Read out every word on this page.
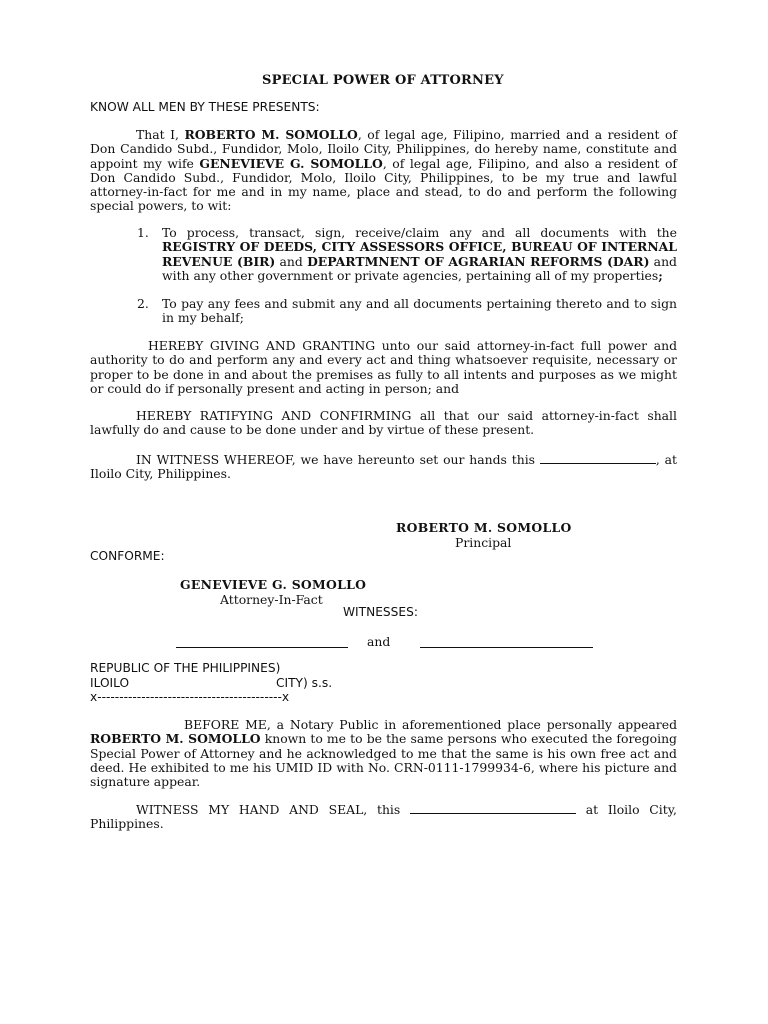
SPECIAL POWER OF ATTORNEY
KNOW ALL MEN BY THESE PRESENTS:
That I, ROBERTO M. SOMOLLO, of legal age, Filipino, married and a resident of Don Candido Subd., Fundidor, Molo, Iloilo City, Philippines, do hereby name, constitute and appoint my wife GENEVIEVE G. SOMOLLO, of legal age, Filipino, and also a resident of Don Candido Subd., Fundidor, Molo, Iloilo City, Philippines, to be my true and lawful attorney-in-fact for me and in my name, place and stead, to do and perform the following special powers, to wit:
1. To process, transact, sign, receive/claim any and all documents with the REGISTRY OF DEEDS, CITY ASSESSORS OFFICE, BUREAU OF INTERNAL REVENUE (BIR) and DEPARTMNENT OF AGRARIAN REFORMS (DAR) and with any other government or private agencies, pertaining all of my properties;
2. To pay any fees and submit any and all documents pertaining thereto and to sign in my behalf;
HEREBY GIVING AND GRANTING unto our said attorney-in-fact full power and authority to do and perform any and every act and thing whatsoever requisite, necessary or proper to be done in and about the premises as fully to all intents and purposes as we might or could do if personally present and acting in person; and
HEREBY RATIFYING AND CONFIRMING all that our said attorney-in-fact shall lawfully do and cause to be done under and by virtue of these present.
IN WITNESS WHEREOF, we have hereunto set our hands this	, at Iloilo City, Philippines.
ROBERTO M. SOMOLLO
Principal
CONFORME:
GENEVIEVE G. SOMOLLO
Attorney-In-Fact
WITNESSES:
and
REPUBLIC OF THE PHILIPPINES)
ILOILO	CITY) s.s.
x------------------------------------------x
BEFORE ME, a Notary Public in aforementioned place personally appeared ROBERTO M. SOMOLLO known to me to be the same persons who executed the foregoing Special Power of Attorney and he acknowledged to me that the same is his own free act and deed. He exhibited to me his UMID ID with No. CRN-0111-1799934-6, where his picture and signature appear.
WITNESS MY HAND AND SEAL, this	at Iloilo City, Philippines.
